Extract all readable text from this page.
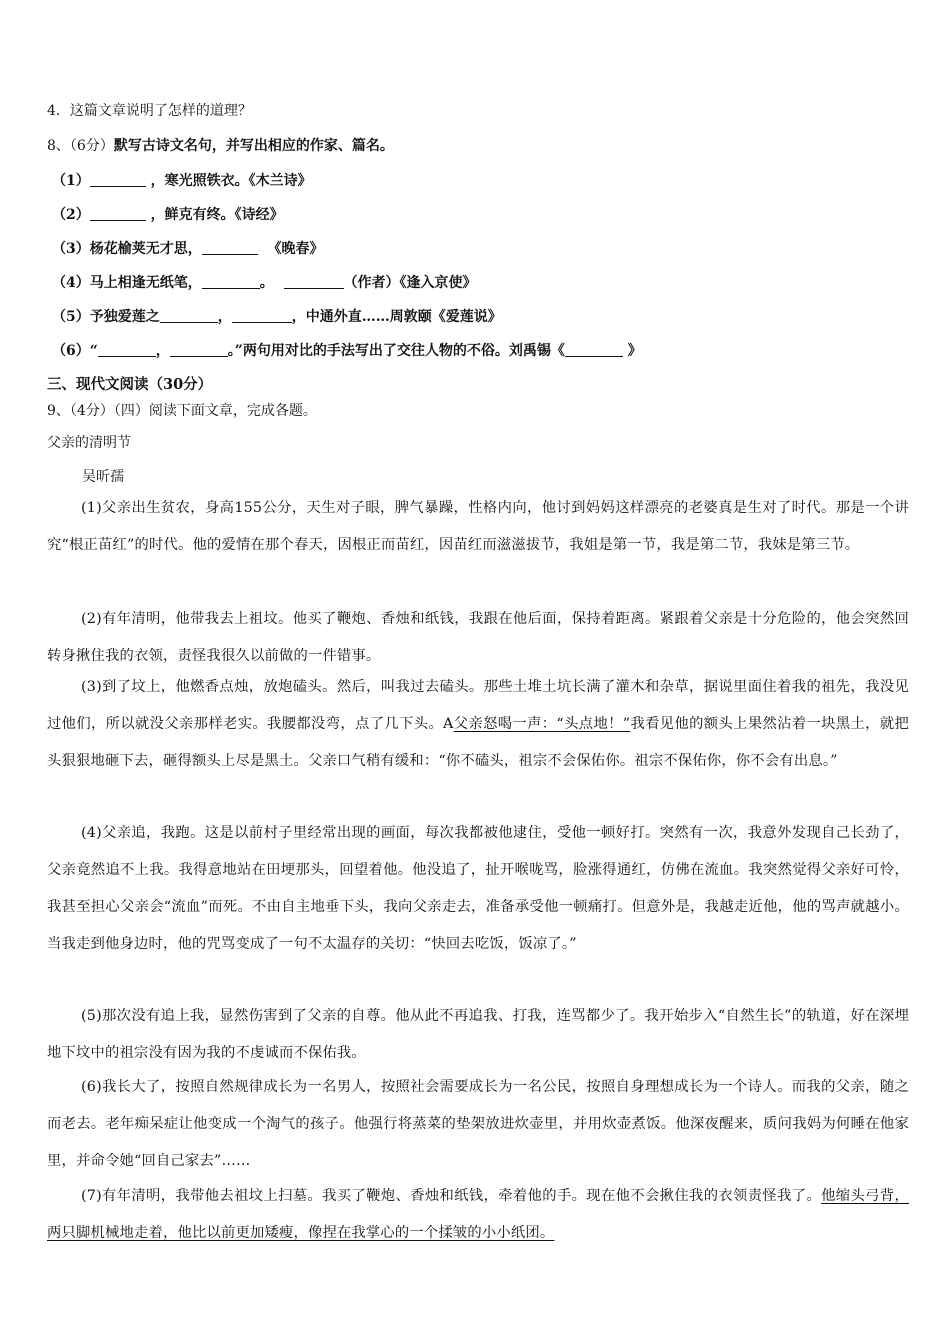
4．这篇文章说明了怎样的道理？
8、（6分）默写古诗文名句，并写出相应的作家、篇名。
（1）	，寒光照铁衣。《木兰诗》
（2）	，鲜克有终。《诗经》
（3）杨花榆荚无才思，	《晚春》
（4）马上相逢无纸笔，	。	（作者）《逢入京使》
（5）予独爱莲之	，	，中通外直……周敦颐《爱莲说》
（6）“	，	。”两句用对比的手法写出了交往人物的不俗。刘禹锡《	》
三、现代文阅读（30分）
9、（4分）（四）阅读下面文章，完成各题。
父亲的清明节
吴昕孺
(1)父亲出生贫农，身高155公分，天生对子眼，脾气暴躁，性格内向，他讨到妈妈这样漂亮的老婆真是生对了时代。那是一个讲究“根正苗红”的时代。他的爱情在那个春天，因根正而苗红，因苗红而滋滋拔节，我姐是第一节，我是第二节，我妹是第三节。
(2)有年清明，他带我去上祖坟。他买了鞭炮、香烛和纸钱，我跟在他后面，保持着距离。紧跟着父亲是十分危险的，他会突然回转身揪住我的衣领，责怪我很久以前做的一件错事。
(3)到了坟上，他燃香点烛，放炮磕头。然后，叫我过去磕头。那些土堆土坑长满了灌木和杂草，据说里面住着我的祖先，我没见过他们，所以就没父亲那样老实。我腰都没弯，点了几下头。A父亲怒喝一声：“头点地！”我看见他的额头上果然沾着一块黑土，就把头狠狠地砸下去，砸得额头上尽是黑土。父亲口气稍有缓和：“你不磕头，祖宗不会保佑你。祖宗不保佑你，你不会有出息。”
(4)父亲追，我跑。这是以前村子里经常出现的画面，每次我都被他逮住，受他一顿好打。突然有一次，我意外发现自己长劲了，父亲竟然追不上我。我得意地站在田埂那头，回望着他。他没追了，扯开喉咙骂，脸涨得通红，仿佛在流血。我突然觉得父亲好可怜，我甚至担心父亲会“流血”而死。不由自主地垂下头，我向父亲走去，准备承受他一顿痛打。但意外是，我越走近他，他的骂声就越小。当我走到他身边时，他的咒骂变成了一句不太温存的关切：“快回去吃饭，饭凉了。”
(5)那次没有追上我，显然伤害到了父亲的自尊。他从此不再追我、打我，连骂都少了。我开始步入“自然生长”的轨道，好在深埋地下坟中的祖宗没有因为我的不虔诚而不保佑我。
(6)我长大了，按照自然规律成长为一名男人，按照社会需要成长为一名公民，按照自身理想成长为一个诗人。而我的父亲，随之而老去。老年痴呆症让他变成一个淘气的孩子。他强行将蒸菜的垫架放进炊壶里，并用炊壶煮饭。他深夜醒来，质问我妈为何睡在他家里，并命令她“回自己家去”……
(7)有年清明，我带他去祖坟上扫墓。我买了鞭炮、香烛和纸钱，牵着他的手。现在他不会揪住我的衣领责怪我了。他缩头弓背，两只脚机械地走着，他比以前更加矮瘦，像捏在我掌心的一个揉皱的小小纸团。
